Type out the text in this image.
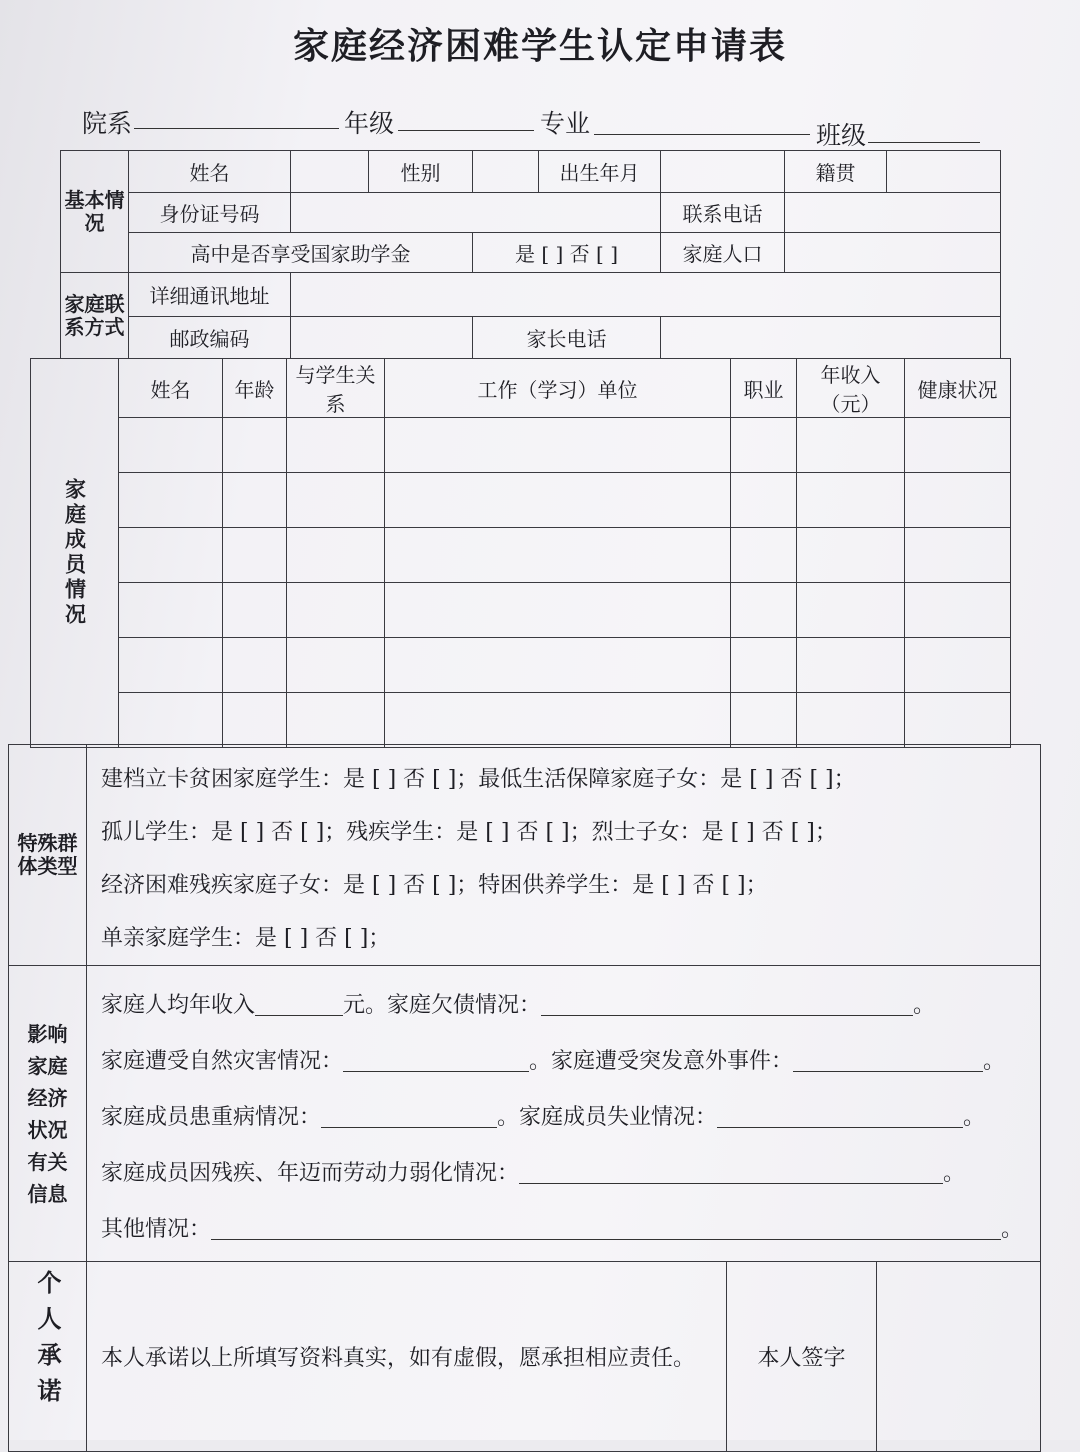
家庭经济困难学生认定申请表
院系	年级	专业	班级
基本情况	姓名		性别		出生年月		籍贯	
	身份证号码					联系电话		
	高中是否享受国家助学金			是 [ ] 否 [ ]		家庭人口		
家庭联系方式	详细通讯地址							
	邮政编码			家长电话				
家庭成员情况	姓名	年龄	与学生关系	工作（学习）单位	职业	年收入（元）	健康状况

特殊群体类型	建档立卡贫困家庭学生：是 [ ] 否 [ ]；最低生活保障家庭子女：是 [ ] 否 [ ]；
孤儿学生：是 [ ] 否 [ ]；残疾学生：是 [ ] 否 [ ]；烈士子女：是 [ ] 否 [ ]；
经济困难残疾家庭子女：是 [ ] 否 [ ]；特困供养学生：是 [ ] 否 [ ]；
单亲家庭学生：是 [ ] 否 [ ]；		

影响家庭经济状况有关信息	家庭人均年收入 元。家庭欠债情况： 。
家庭遭受自然灾害情况： 。家庭遭受突发意外事件： 。
家庭成员患重病情况： 。家庭成员失业情况： 。
家庭成员因残疾、年迈而劳动力弱化情况： 。
其他情况： 。		

个人承诺	本人承诺以上所填写资料真实，如有虚假，愿承担相应责任。	本人签字	
